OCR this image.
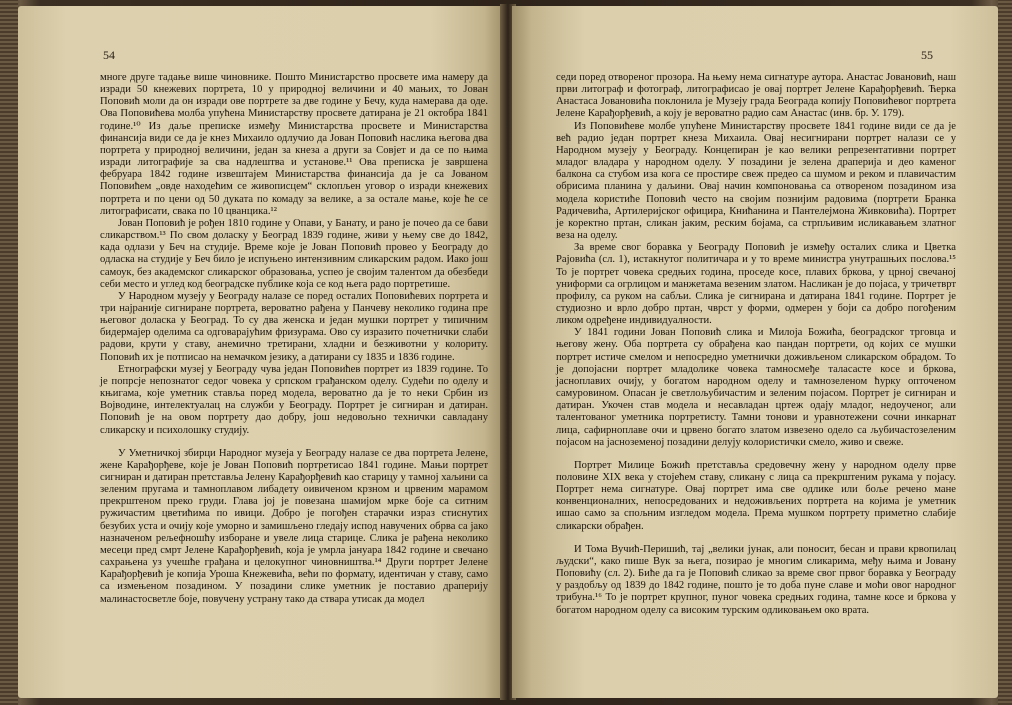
54

многе друге тадање више чиновнике. Пошто Министарство просвете има намеру да изради 50 кнежевих портрета, 10 у природној величини и 40 мањих, то Јован Поповић моли да он изради ове портрете за две године у Бечу, куда намерава да оде. Ова Поповићева молба упућена Министарству просвете датирана је 21 октобра 1841 године.¹⁰ Из даље преписке између Министарства просвете и Министарства финансија види се да је кнез Михаило одлучио да Јован Поповић наслика његова два портрета у природној величини, један за кнеза а други за Совјет и да се по њима изради литографије за сва надлештва и установе.¹¹ Ова преписка је завршена фебруара 1842 године извештајем Министарства финансија да је са Јованом Поповићем „овде находећим се живописцем“ склопљен уговор о изради кнежевих портрета и по цени од 50 дуката по комаду за велике, а за остале мање, које ће се литографисати, свака по 10 цванцика.¹²

Јован Поповић је рођен 1810 године у Опави, у Банату, и рано је почео да се бави сликарством.¹³ По свом доласку у Београд 1839 године, живи у њему све до 1842, када одлази у Беч на студије. Време које је Јован Поповић провео у Београду до одласка на студије у Беч било је испуњено интензивним сликарским радом. Иако још самоук, без академског сликарског образовања, успео је својим талентом да обезбеди себи место и углед код београдске публике која се код њега радо портретише.

У Народном музеју у Београду налазе се поред осталих Поповићевих портрета и три најраније сигниране портрета, вероватно рађена у Панчеву неколико година пре његовог доласка у Београд. То су два женска и један мушки портрет у типичним бидермајер оделима са одговарајућим фризурама. Ово су изразито почетнички слаби радови, крути у ставу, анемично третирани, хладни и безживотни у колориту. Поповић их је потписао на немачком језику, а датирани су 1835 и 1836 године.

Етнографски музеј у Београду чува један Поповићев портрет из 1839 године. То је попрсје непознатог седог човека у српском грађанском оделу. Судећи по оделу и књигама, које уметник ставља поред модела, вероватно да је то неки Србин из Војводине, интелектуалац на служби у Београду. Портрет је сигниран и датиран. Поповић је на овом портрету дао добру, још недовољно технички савладану сликарску и психолошку студију.

У Уметничкој збирци Народног музеја у Београду налазе се два портрета Јелене, жене Карађорђеве, које је Јован Поповић портретисао 1841 године. Мањи портрет сигниран и датиран претставља Јелену Карађорђевић као старицу у тамној хаљини са зеленим пругама и тамноплавом либадету оивиченом крзном и црвеним марамом прекрштеном преко груди. Глава јој је повезана шамијом мрке боје са ситним ружичастим цветићима по ивици. Добро је погођен старачки израз стиснутих безубих уста и очију које уморно и замишљено гледају испод навучених обрва са јако назначеном рељефношћу изборане и увеле лица старице. Слика је рађена неколико месеци пред смрт Јелене Карађорђевић, која је умрла јануара 1842 године и свечано сахрањена уз учешће грађана и целокупног чиновништва.¹⁴ Други портрет Јелене Карађорђевић је копија Уроша Кнежевића, већи по формату, идентичан у ставу, само са измењеном позадином. У позадини слике уметник је поставио драперију малинастосветле боје, повучену устрану тако да ствара утисак да модел

55

седи поред отвореног прозора. На њему нема сигнатуре аутора. Анастас Јовановић, наш први литограф и фотограф, литографисао је овај портрет Јелене Карађорђевић. Ћерка Анастаса Јовановића поклонила је Музеју града Београда копију Поповићевог портрета Јелене Карађорђевић, а коју је вероватно радио сам Анастас (инв. бр. У. 179).

Из Поповићеве молбе упућене Министарству просвете 1841 године види се да је већ радио један портрет кнеза Михаила. Овај несигнирани портрет налази се у Народном музеју у Београду. Концепиран је као велики репрезентативни портрет младог владара у народном оделу. У позадини је зелена драперија и део каменог балкона са стубом иза кога се простире свеж предео са шумом и реком и плавичастим обрисима планина у даљини. Овај начин компоновања са отвореном позадином иза модела користиће Поповић често на својим познијим радовима (портрети Бранка Радичевића, Артилеријског официра, Книћанина и Пантелејмона Живковића). Портрет је коректно пртан, сликан јаким, реским бојама, са стрпљивим исликавањем златног веза на оделу.

За време свог боравка у Београду Поповић је између осталих слика и Цветка Рајовића (сл. 1), истакнутог политичара и у то време министра унутрашњих послова.¹⁵ То је портрет човека средњих година, проседе косе, плавих бркова, у црној свечаној униформи са огрлицом и манжетама везеним златом. Насликан је до појаса, у тричетврт профилу, са руком на сабљи. Слика је сигнирана и датирана 1841 године. Портрет је студиозно и врло добро пртан, чврст у форми, одмерен у боји са добро погођеним ликом одређене индивидуалности.

У 1841 години Јован Поповић слика и Милоја Божића, београдског трговца и његову жену. Оба портрета су обрађена као пандан портрети, од којих се мушки портрет истиче смелом и непосредно уметнички доживљеном сликарском обрадом. То је допојасни портрет младолике човека тамносмеђе таласасте косе и бркова, јасноплавих очију, у богатом народном оделу и тамнозеленом ћурку опточеном самуровином. Опасан је светлољубичастим и зеленим појасом. Портрет је сигниран и датиран. Укочен став модела и несавладан цртеж одају младог, недоученог, али талентованог уметника портретисту. Тамни тонови и уравнотежени сочни инкарнат лица, сафирноплаве очи и црвено богато златом извезено одело са љубичастозеленим појасом на јасноземеној позадини делују колористички смело, живо и свеже.

Портрет Милице Божић претставља средовечну жену у народном оделу прве половине XIX века у стојећем ставу, сликану с лица са прекрштеним рукама у појасу. Портрет нема сигнатуре. Овај портрет има све одлике или боље речено мане конвенционалних, непосредованих и недоживљених портрета на којима је уметник ишао само за спољним изгледом модела. Према мушком портрету приметно слабије сликарски обрађен.

И Тома Вучић-Перишић, тај „велики јунак, али поносит, бесан и прави крвопилац људски“, како пише Вук за њега, позирао је многим сликарима, међу њима и Јовану Поповићу (сл. 2). Биће да га је Поповић сликао за време свог првог боравка у Београду у раздобљу од 1839 до 1842 године, пошто је то доба пуне славе и моћи овог народног трибуна.¹⁶ То је портрет крупног, пуног човека средњих година, тамне косе и бркова у богатом народном оделу са високим турским одликовањем око врата.
